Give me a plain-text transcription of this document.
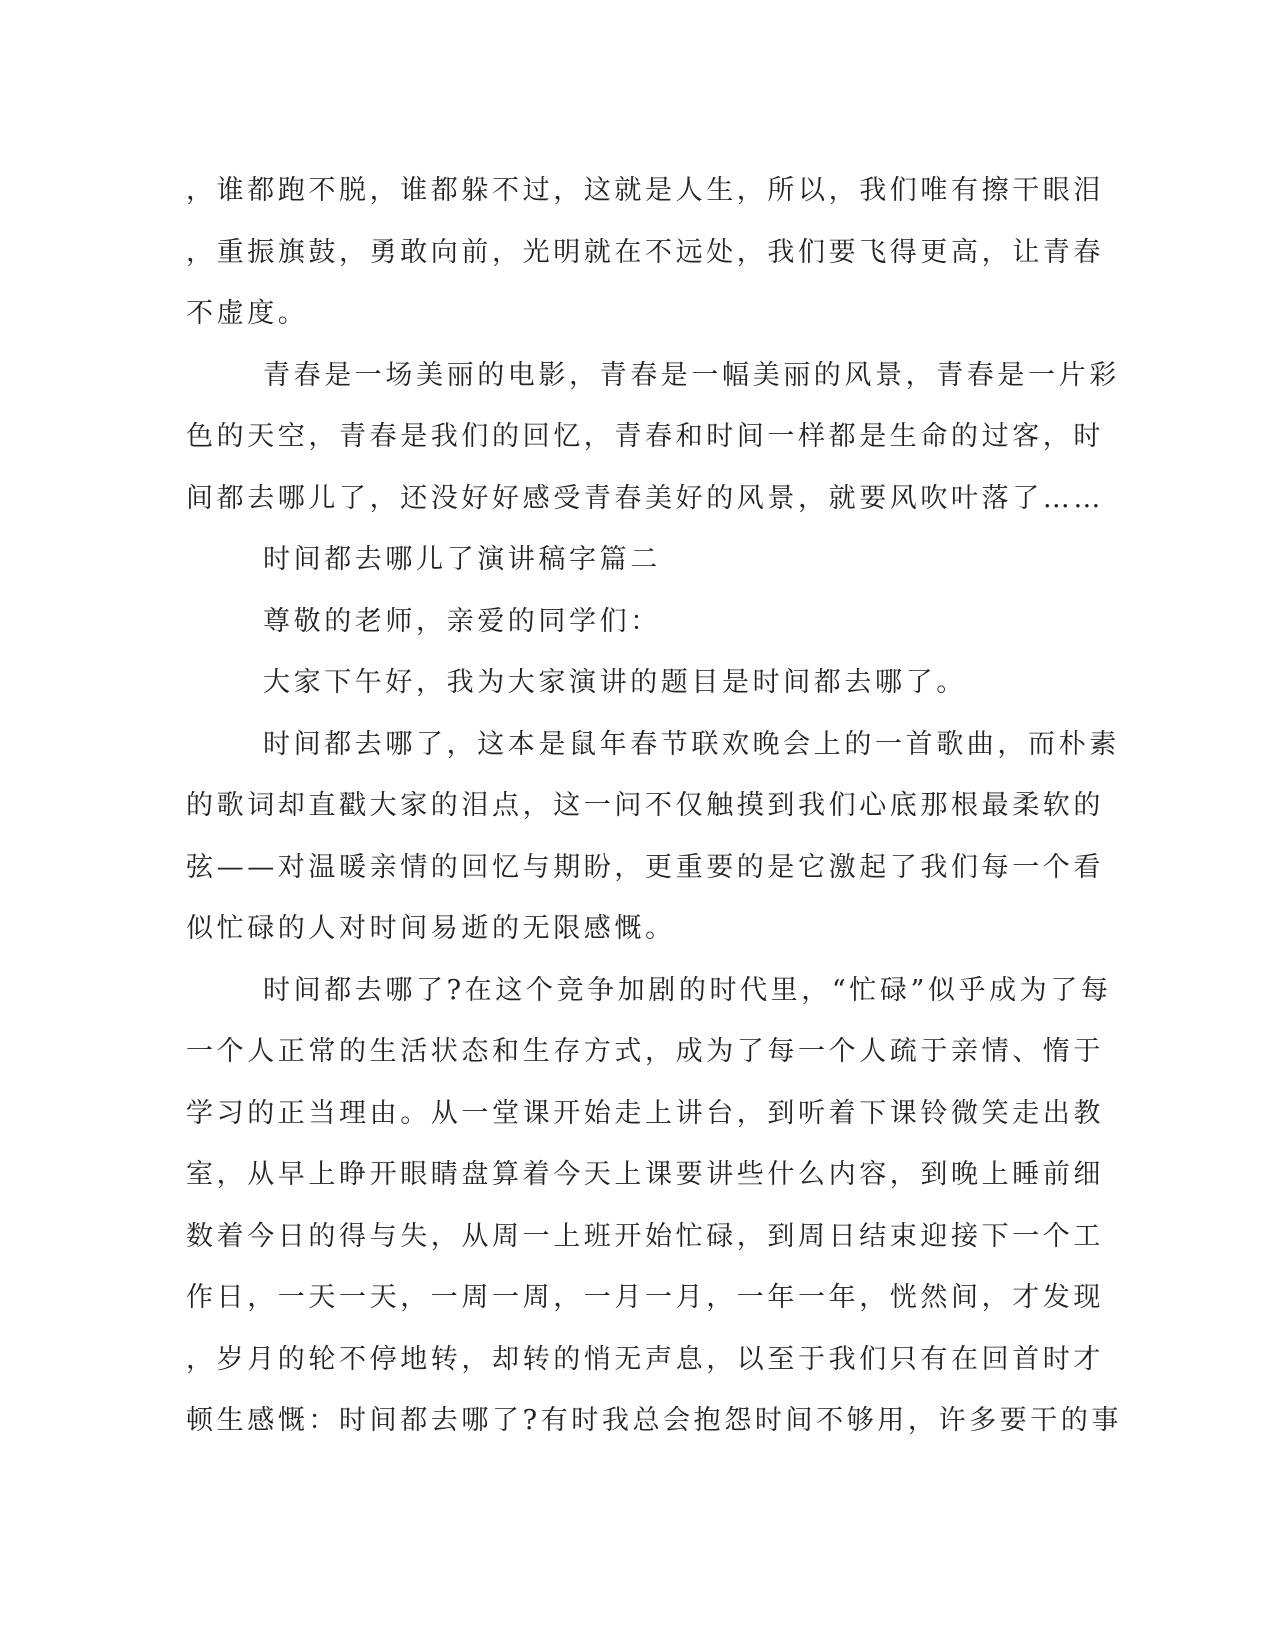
，谁都跑不脱，谁都躲不过，这就是人生，所以，我们唯有擦干眼泪
，重振旗鼓，勇敢向前，光明就在不远处，我们要飞得更高，让青春
不虚度。
青春是一场美丽的电影，青春是一幅美丽的风景，青春是一片彩
色的天空，青春是我们的回忆，青春和时间一样都是生命的过客，时
间都去哪儿了，还没好好感受青春美好的风景，就要风吹叶落了……
时间都去哪儿了演讲稿字篇二
尊敬的老师，亲爱的同学们：
大家下午好，我为大家演讲的题目是时间都去哪了。
时间都去哪了，这本是鼠年春节联欢晚会上的一首歌曲，而朴素
的歌词却直戳大家的泪点，这一问不仅触摸到我们心底那根最柔软的
弦——对温暖亲情的回忆与期盼，更重要的是它激起了我们每一个看
似忙碌的人对时间易逝的无限感慨。
时间都去哪了?在这个竞争加剧的时代里，“忙碌”似乎成为了每
一个人正常的生活状态和生存方式，成为了每一个人疏于亲情、惰于
学习的正当理由。从一堂课开始走上讲台，到听着下课铃微笑走出教
室，从早上睁开眼睛盘算着今天上课要讲些什么内容，到晚上睡前细
数着今日的得与失，从周一上班开始忙碌，到周日结束迎接下一个工
作日，一天一天，一周一周，一月一月，一年一年，恍然间，才发现
，岁月的轮不停地转，却转的悄无声息，以至于我们只有在回首时才
顿生感慨：时间都去哪了?有时我总会抱怨时间不够用，许多要干的事
